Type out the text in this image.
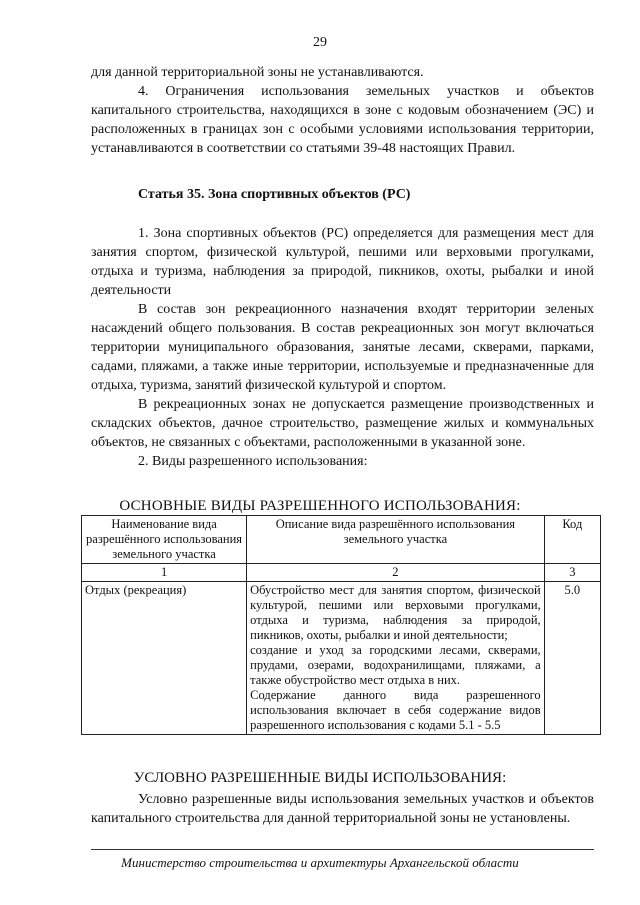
29

для данной территориальной зоны не устанавливаются.

4. Ограничения использования земельных участков и объектов капитального строительства, находящихся в зоне с кодовым обозначением (ЭС) и расположенных в границах зон с особыми условиями использования территории, устанавливаются в соответствии со статьями 39-48 настоящих Правил.

Статья 35. Зона спортивных объектов (РС)

1. Зона спортивных объектов (РС) определяется для размещения мест для занятия спортом, физической культурой, пешими или верховыми прогулками, отдыха и туризма, наблюдения за природой, пикников, охоты, рыбалки и иной деятельности

В состав зон рекреационного назначения входят территории зеленых насаждений общего пользования. В состав рекреационных зон могут включаться территории муниципального образования, занятые лесами, скверами, парками, садами, пляжами, а также иные территории, используемые и предназначенные для отдыха, туризма, занятий физической культурой и спортом.

В рекреационных зонах не допускается размещение производственных и складских объектов, дачное строительство, размещение жилых и коммунальных объектов, не связанных с объектами, расположенными в указанной зоне.

2. Виды разрешенного использования:

ОСНОВНЫЕ ВИДЫ РАЗРЕШЕННОГО ИСПОЛЬЗОВАНИЯ:
Наименование вида разрешённого использования земельного участка	Описание вида разрешённого использования земельного участка	Код
1	2	3
Отдых (рекреация)	Обустройство мест для занятия спортом, физической культурой, пешими или верховыми прогулками, отдыха и туризма, наблюдения за природой, пикников, охоты, рыбалки и иной деятельности;

создание и уход за городскими лесами, скверами, прудами, озерами, водохранилищами, пляжами, а также обустройство мест отдыха в них.

Содержание данного вида разрешенного использования включает в себя содержание видов разрешенного использования с кодами 5.1 - 5.5	5.0
УСЛОВНО РАЗРЕШЕННЫЕ ВИДЫ ИСПОЛЬЗОВАНИЯ:

Условно разрешенные виды использования земельных участков и объектов капитального строительства для данной территориальной зоны не установлены.

Министерство строительства и архитектуры Архангельской области
